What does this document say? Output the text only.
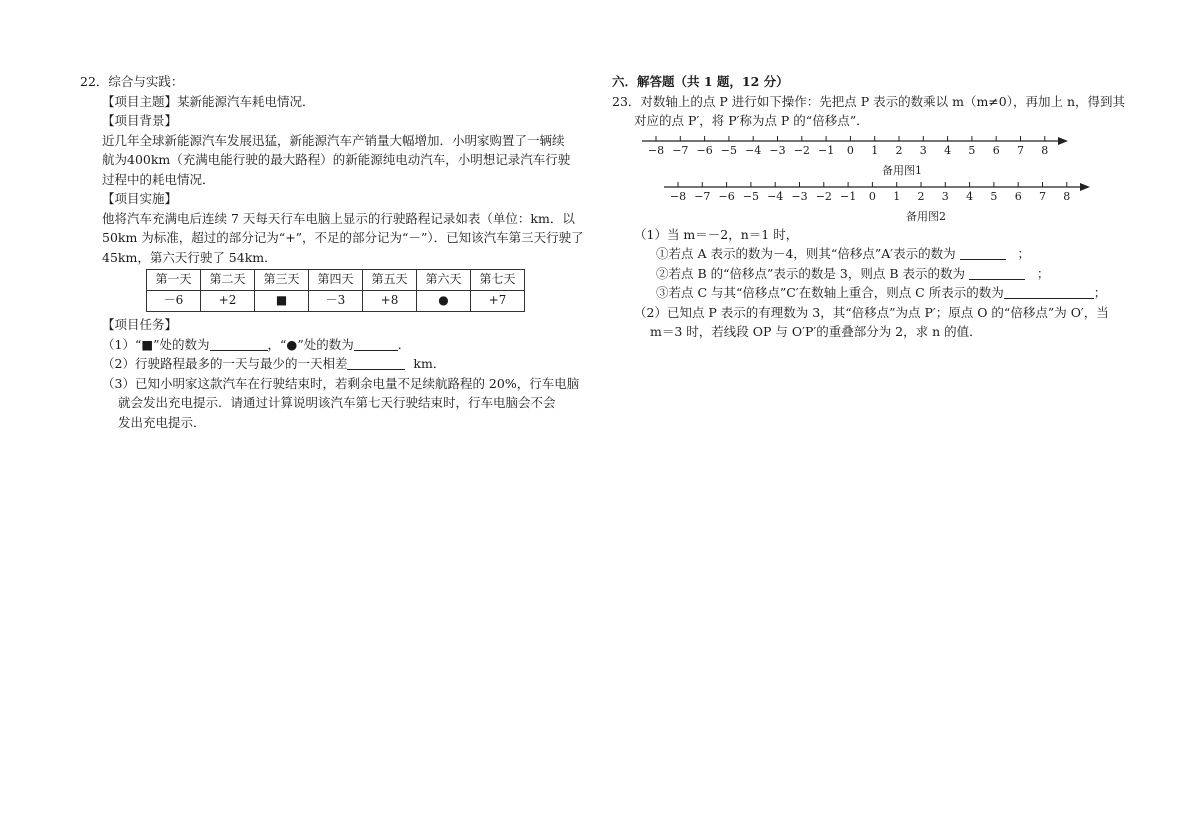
22．综合与实践：
【项目主题】某新能源汽车耗电情况．
【项目背景】
近几年全球新能源汽车发展迅猛，新能源汽车产销量大幅增加．小明家购置了一辆续
航为400km（充满电能行驶的最大路程）的新能源纯电动汽车，小明想记录汽车行驶
过程中的耗电情况．
【项目实施】
他将汽车充满电后连续 7 天每天行车电脑上显示的行驶路程记录如表（单位：km．以
50km 为标准，超过的部分记为“+”，不足的部分记为“－”）．已知该汽车第三天行驶了
45km，第六天行驶了 54km．
第一天	第二天	第三天	第四天	第五天	第六天	第七天
－6	+2	■	－3	+8	●	+7
【项目任务】
（1）“■”处的数为	，“●”处的数为	．
（2）行驶路程最多的一天与最少的一天相差	km．
（3）已知小明家这款汽车在行驶结束时，若剩余电量不足续航路程的 20%，行车电脑
就会发出充电提示．请通过计算说明该汽车第七天行驶结束时，行车电脑会不会
发出充电提示．
六．解答题（共 1 题，12 分）
23．对数轴上的点 P 进行如下操作：先把点 P 表示的数乘以 m（m≠0），再加上 n，得到其
对应的点 P′，将 P′称为点 P 的“倍移点”．
−8 −7 −6 −5 −4 −3 −2 −1 0 1 2 3 4 5 6 7 8
备用图1
−8 −7 −6 −5 −4 −3 −2 −1 0 1 2 3 4 5 6 7 8
备用图2
（1）当 m＝－2，n＝1 时，
①若点 A 表示的数为－4，则其“倍移点”A′表示的数为	；
②若点 B 的“倍移点”表示的数是 3，则点 B 表示的数为	；
③若点 C 与其“倍移点”C′在数轴上重合，则点 C 所表示的数为	；
（2）已知点 P 表示的有理数为 3，其“倍移点”为点 P′；原点 O 的“倍移点”为 O′，当
m＝3 时，若线段 OP 与 O′P′的重叠部分为 2，求 n 的值．
